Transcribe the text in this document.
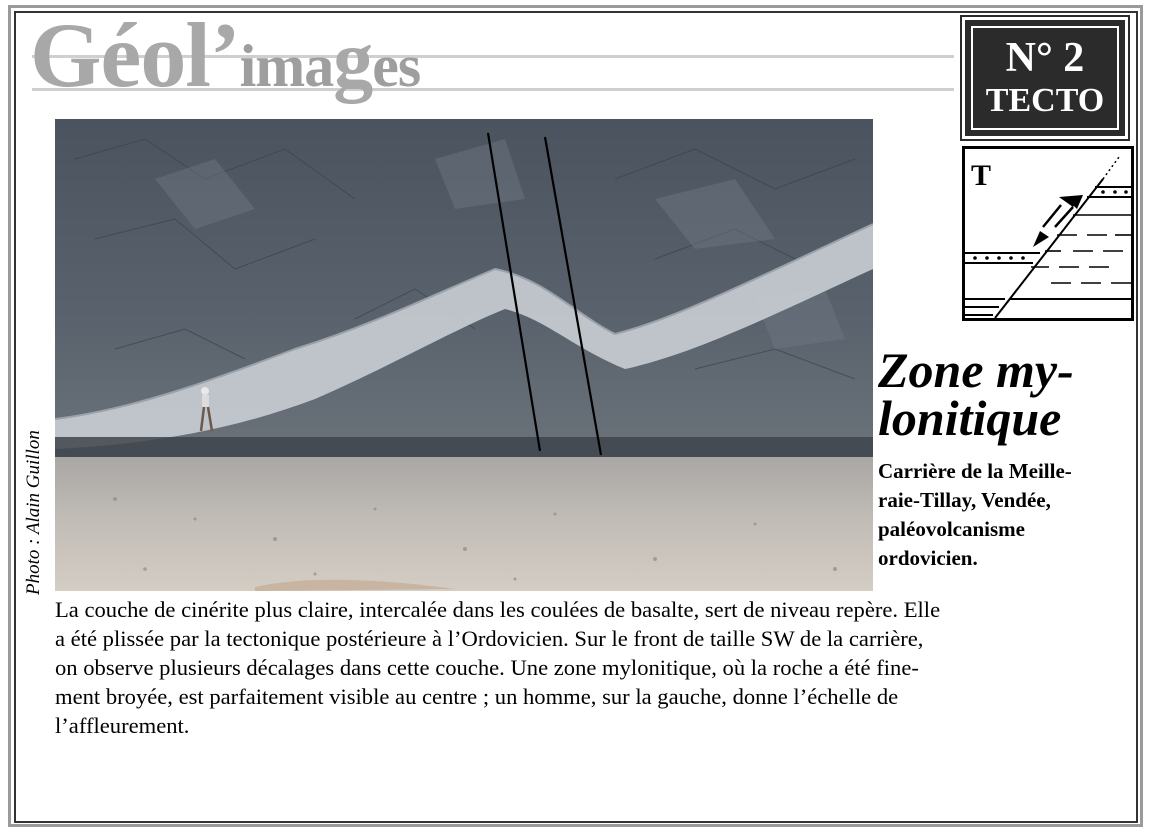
Géol’images	N° 2
TECTO
T
Photo : Alain Guillon
Zone my-
lonitique
Carrière de la Meille-
raie-Tillay, Vendée,
paléovolcanisme
ordovicien.
La couche de cinérite plus claire, intercalée dans les coulées de basalte, sert de niveau repère. Elle
a été plissée par la tectonique postérieure à l’Ordovicien. Sur le front de taille SW de la carrière,
on observe plusieurs décalages dans cette couche. Une zone mylonitique, où la roche a été fine-
ment broyée, est parfaitement visible au centre ; un homme, sur la gauche, donne l’échelle de
l’affleurement.
